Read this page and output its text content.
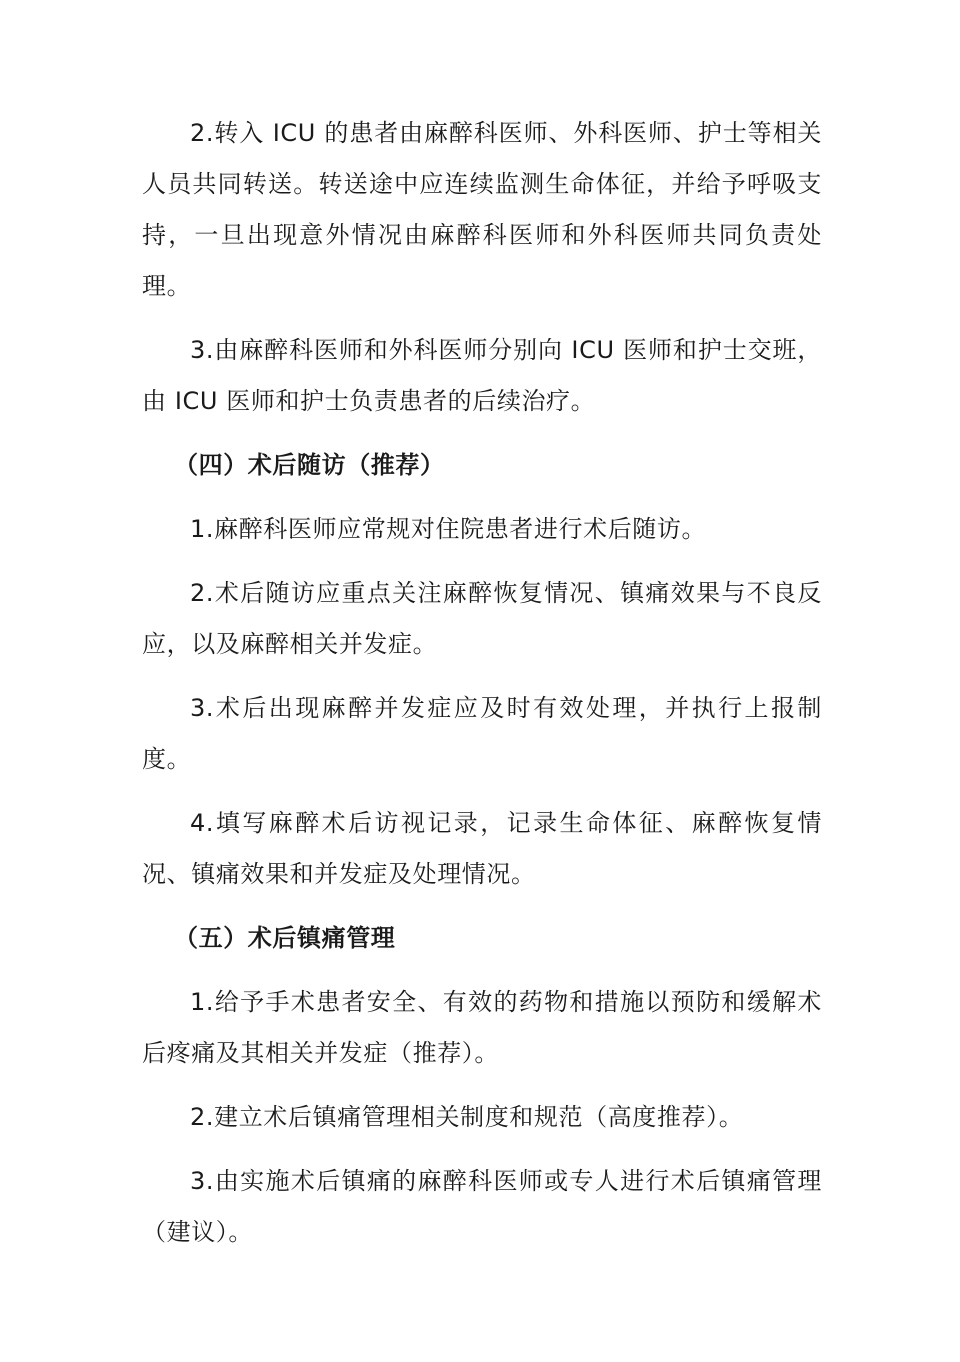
2.转入 ICU 的患者由麻醉科医师、外科医师、护士等相关人员共同转送。转送途中应连续监测生命体征，并给予呼吸支持，一旦出现意外情况由麻醉科医师和外科医师共同负责处理。

3.由麻醉科医师和外科医师分别向 ICU 医师和护士交班，由 ICU 医师和护士负责患者的后续治疗。

（四）术后随访（推荐）

1.麻醉科医师应常规对住院患者进行术后随访。

2.术后随访应重点关注麻醉恢复情况、镇痛效果与不良反应，以及麻醉相关并发症。

3.术后出现麻醉并发症应及时有效处理，并执行上报制度。

4.填写麻醉术后访视记录，记录生命体征、麻醉恢复情况、镇痛效果和并发症及处理情况。

（五）术后镇痛管理

1.给予手术患者安全、有效的药物和措施以预防和缓解术后疼痛及其相关并发症（推荐）。

2.建立术后镇痛管理相关制度和规范（高度推荐）。

3.由实施术后镇痛的麻醉科医师或专人进行术后镇痛管理（建议）。
